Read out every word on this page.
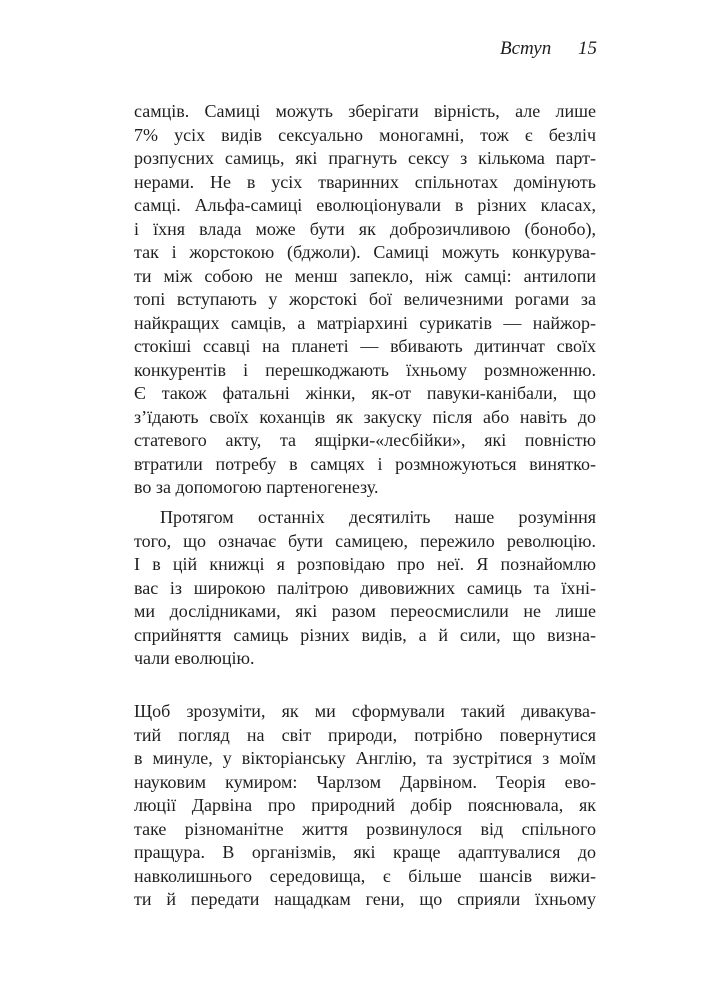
Вступ 15
самців. Самиці можуть зберігати вірність, але лише
7% усіх видів сексуально моногамні, тож є безліч
розпусних самиць, які прагнуть сексу з кількома парт-
нерами. Не в усіх тваринних спільнотах домінують
самці. Альфа-самиці еволюціонували в різних класах,
і їхня влада може бути як доброзичливою (бонобо),
так і жорстокою (бджоли). Самиці можуть конкурува-
ти між собою не менш запекло, ніж самці: антилопи
топі вступають у жорстокі бої величезними рогами за
найкращих самців, а матріархині сурикатів — найжор-
стокіші ссавці на планеті — вбивають дитинчат своїх
конкурентів і перешкоджають їхньому розмноженню.
Є також фатальні жінки, як-от павуки-канібали, що
з’їдають своїх коханців як закуску після або навіть до
статевого акту, та ящірки-«лесбійки», які повністю
втратили потребу в самцях і розмножуються винятко-
во за допомогою партеногенезу.
Протягом останніх десятиліть наше розуміння
того, що означає бути самицею, пережило революцію.
І в цій книжці я розповідаю про неї. Я познайомлю
вас із широкою палітрою дивовижних самиць та їхні-
ми дослідниками, які разом переосмислили не лише
сприйняття самиць різних видів, а й сили, що визна-
чали еволюцію.
Щоб зрозуміти, як ми сформували такий дивакува-
тий погляд на світ природи, потрібно повернутися
в минуле, у вікторіанську Англію, та зустрітися з моїм
науковим кумиром: Чарлзом Дарвіном. Теорія ево-
люції Дарвіна про природний добір пояснювала, як
таке різноманітне життя розвинулося від спільного
пращура. В організмів, які краще адаптувалися до
навколишнього середовища, є більше шансів вижи-
ти й передати нащадкам гени, що сприяли їхньому
